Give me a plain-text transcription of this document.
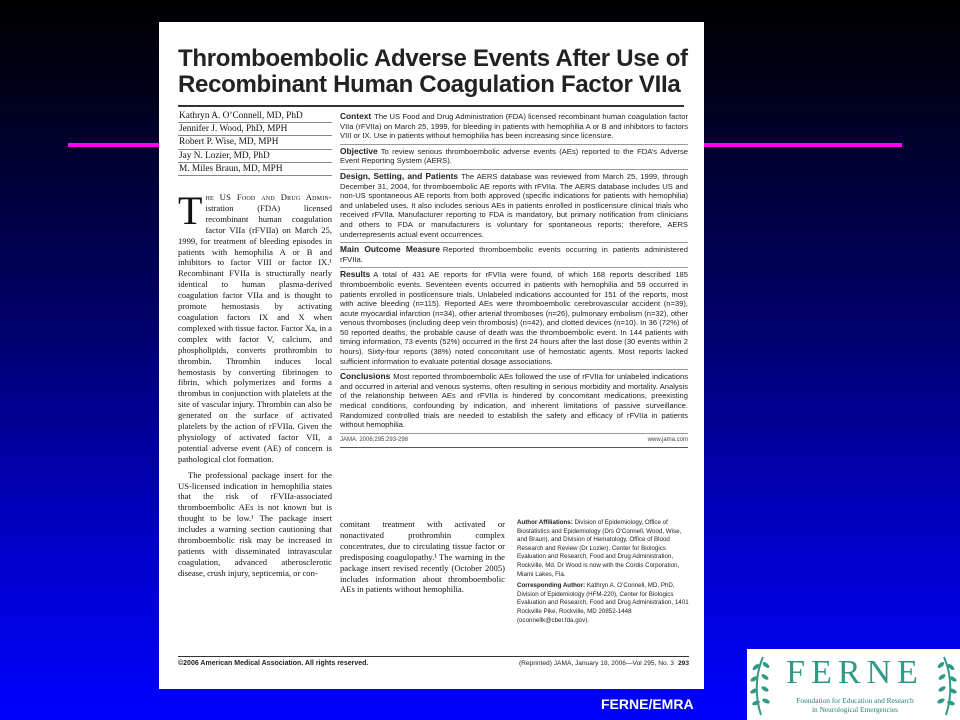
Thromboembolic Adverse Events After Use of
Recombinant Human Coagulation Factor VIIa
Kathryn A. O’Connell, MD, PhD
Jennifer J. Wood, PhD, MPH
Robert P. Wise, MD, MPH
Jay N. Lozier, MD, PhD
M. Miles Braun, MD, MPH

The US Food and Drug Admin- istration (FDA) licensed recombinant human coagulation factor VIIa (rFVIIa) on March 25, 1999, for treatment of bleeding episodes in patients with hemophilia A or B and inhibitors to factor VIII or factor IX.¹ Recombinant FVIIa is structurally nearly identical to human plasma-derived coagulation factor VIIa and is thought to promote hemostasis by activating coagulation factors IX and X when complexed with tissue factor. Factor Xa, in a complex with factor V, calcium, and phospholipids, converts prothrombin to thrombin. Thrombin induces local hemostasis by converting fibrinogen to fibrin, which polymerizes and forms a thrombus in conjunction with platelets at the site of vascular injury. Thrombin can also be generated on the surface of activated platelets by the action of rFVIIa. Given the physiology of activated factor VII, a potential adverse event (AE) of concern is pathological clot formation.

The professional package insert for the US-licensed indication in hemophilia states that the risk of rFVIIa-associated thromboembolic AEs is not known but is thought to be low.¹ The package insert includes a warning section cautioning that thromboembolic risk may be increased in patients with disseminated intravascular coagulation, advanced atherosclerotic disease, crush injury, septicemia, or con-

Context The US Food and Drug Administration (FDA) licensed recombinant human coagulation factor VIIa (rFVIIa) on March 25, 1999, for bleeding in patients with hemophilia A or B and inhibitors to factors VIII or IX. Use in patients without hemophilia has been increasing since licensure.
Objective To review serious thromboembolic adverse events (AEs) reported to the FDA’s Adverse Event Reporting System (AERS).
Design, Setting, and Patients The AERS database was reviewed from March 25, 1999, through December 31, 2004, for thromboembolic AE reports with rFVIIa. The AERS database includes US and non-US spontaneous AE reports from both approved (specific indications for patients with hemophilia) and unlabeled uses. It also includes serious AEs in patients enrolled in postlicensure clinical trials who received rFVIIa. Manufacturer reporting to FDA is mandatory, but primary notification from clinicians and others to FDA or manufacturers is voluntary for spontaneous reports; therefore, AERS underrepresents actual event occurrences.
Main Outcome Measure Reported thromboembolic events occurring in patients administered rFVIIa.
Results A total of 431 AE reports for rFVIIa were found, of which 168 reports described 185 thromboembolic events. Seventeen events occurred in patients with hemophilia and 59 occurred in patients enrolled in postlicensure trials. Unlabeled indications accounted for 151 of the reports, most with active bleeding (n=115). Reported AEs were thromboembolic cerebrovascular accident (n=39), acute myocardial infarction (n=34), other arterial thromboses (n=26), pulmonary embolism (n=32), other venous thromboses (including deep vein thrombosis) (n=42), and clotted devices (n=10). In 36 (72%) of 50 reported deaths, the probable cause of death was the thromboembolic event. In 144 patients with timing information, 73 events (52%) occurred in the first 24 hours after the last dose (30 events within 2 hours). Sixty-four reports (38%) noted concomitant use of hemostatic agents. Most reports lacked sufficient information to evaluate potential dosage associations.
Conclusions Most reported thromboembolic AEs followed the use of rFVIIa for unlabeled indications and occurred in arterial and venous systems, often resulting in serious morbidity and mortality. Analysis of the relationship between AEs and rFVIIa is hindered by concomitant medications, preexisting medical conditions, confounding by indication, and inherent limitations of passive surveillance. Randomized controlled trials are needed to establish the safety and efficacy of rFVIIa in patients without hemophilia.
JAMA. 2006;295:293-298	www.jama.com
comitant treatment with activated or nonactivated prothrombin complex concentrates, due to circulating tissue factor or predisposing coagulopathy.¹ The warning in the package insert revised recently (October 2005) includes information about thromboembolic AEs in patients without hemophilia.

Author Affiliations: Division of Epidemiology, Office of Biostatistics and Epidemiology (Drs O’Connell, Wood, Wise, and Braun), and Division of Hematology, Office of Blood Research and Review (Dr Lozier), Center for Biologics Evaluation and Research, Food and Drug Administration, Rockville, Md. Dr Wood is now with the Cordis Corporation, Miami Lakes, Fla.

Corresponding Author: Kathryn A. O’Connell, MD, PhD, Division of Epidemiology (HFM-220), Center for Biologics Evaluation and Research, Food and Drug Administration, 1401 Rockville Pike, Rockville, MD 20852-1448 (oconnellk@cber.fda.gov).

©2006 American Medical Association. All rights reserved.	(Reprinted) JAMA, January 18, 2006—Vol 295, No. 3 293
FERNE/EMRA
FERNE
Foundation for Education and Research
in Neurological Emergencies
